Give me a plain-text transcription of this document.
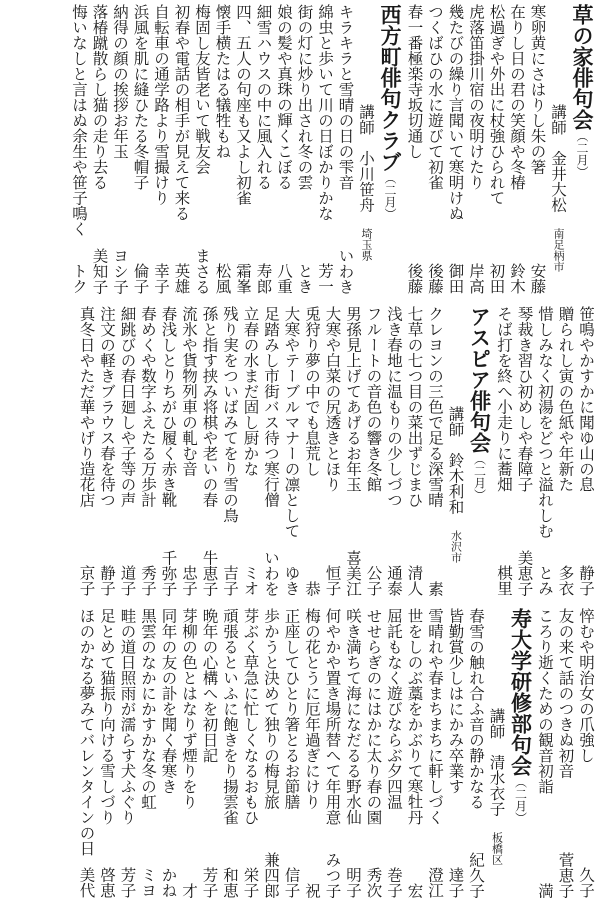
草の家俳句会（二月）
講師　金井大松　南足柄市
寒卵黄にさはりし朱の箸
安藤
在りし日の君の笑顔や冬椿
鈴木
松過ぎや外出に杖強ひられて
初田
虎落笛掛川宿の夜明けたり
岸高
幾たびの繰り言聞いて寒明けぬ
御田
つくばひの水に遊びて初雀
後藤
春一番極楽寺坂切通し
後藤
西方町俳句クラブ（二月）
講師　小川笹舟　埼玉県
キラキラと雪晴の日の雫音
いわき
綿虫と歩いて川の日ぼかりかな
芳一
街の灯に炒り出され冬の雲
とき
娘の髪や真珠の輝くこぼる
八重
細雪ハウスの中に風入れる
寿郎
四、五人の句座も又よし初雀
霜峯
懐手横たはる犠牲もね
松風
梅固し友皆老いて戦友会
まさる
初春や電話の相手が見えて来る
英雄
自転車の通学路より雪撮けり
幸子
浜風を肌に縫ひたる冬帽子
倫子
納得の顔の挨拶お年玉
ヨシ子
落椿蹴散らし猫の走り去る
美知子
悔いなしと言はぬ余生や笹子鳴く
トク
笹鳴やかすかに聞ゆ山の息
静子
贈られし寅の色紙や年新た
多衣
惜しみなく初湯をどつと溢れしむ
とみ
琴裁き習ひ初めしや春障子
美恵子
そば打を終へ小走りに蕎畑
棋里
アスピア俳句会（二月）
講師　鈴木利和　水沢市
クレヨンの三色で足る深雪晴
素
七草の七つ目の菜出ずじまひ
清人
浅き春地に温もりの少しづつ
通泰
フルートの音色の響き冬館
公子
男孫見上げてあげるお年玉
喜美江
大寒や白菜の尻透きとほり
恒子
兎狩り夢の中でも息荒し
恭
大寒やテーブルマナーの凛として
ゆき
足踏みし市街バス待つ寒行僧
いわを
立春の水まだ固し厨かな
ミオ
残り実をついばみてをり雪の鳥
吉子
孫と指す挟み将棋や老いの春
牛恵子
流氷や貨物列車の軋む音
忠子
春浅しとりちがひ履く赤き靴
千弥子
春めくや数字ふえたる万歩計
秀子
細跳びの春日廻しや子等の声
道子
注文の軽きブラウス春を待つ
静子
真冬日やただ華やげり造花店
京子
悴むや明治女の爪強し
久子
友の来て話のつきぬ初音
菅恵子
ころり逝くための観音初詣
満
寿大学研修部句会（二月）
講師　清水衣子　板橋区
春雪の触れ合ふ音の静かなる
紀久子
皆勤賞少しはにかみ卒業す
達子
雪晴れや春まちまちに軒しづく
澄江
世をしのぶ藁をかぶりて寒牡丹
宏
屈託もなく遊びならぶ夕四温
巻子
せせらぎのにはかに太り春の園
秀次
咲き満ちて海になだるる野水仙
明子
何やかや置き場所替へて年用意
みつ子
梅の花とうに厄年過ぎにけり
祝
正座してひとり箸とるお節膳
信子
歩かうと決めて独りの梅見旅
兼四郎
芽ぶく草急に忙しくなるおもひ
栄子
頑張るといふに飽きをり揚雲雀
和恵
晩年の心構へを初日記
芳子
芽柳の色とはなりず煙りをり
才
同年の友の訃を聞く春寒き
かね
黒雲のなかにかすかな冬の虹
ミヨ
畦の道日照雨が濡らす犬ふぐり
芳子
足とめて猫振り向ける雪しづり
啓恵
ほのかなる夢みてバレンタインの日
美代
